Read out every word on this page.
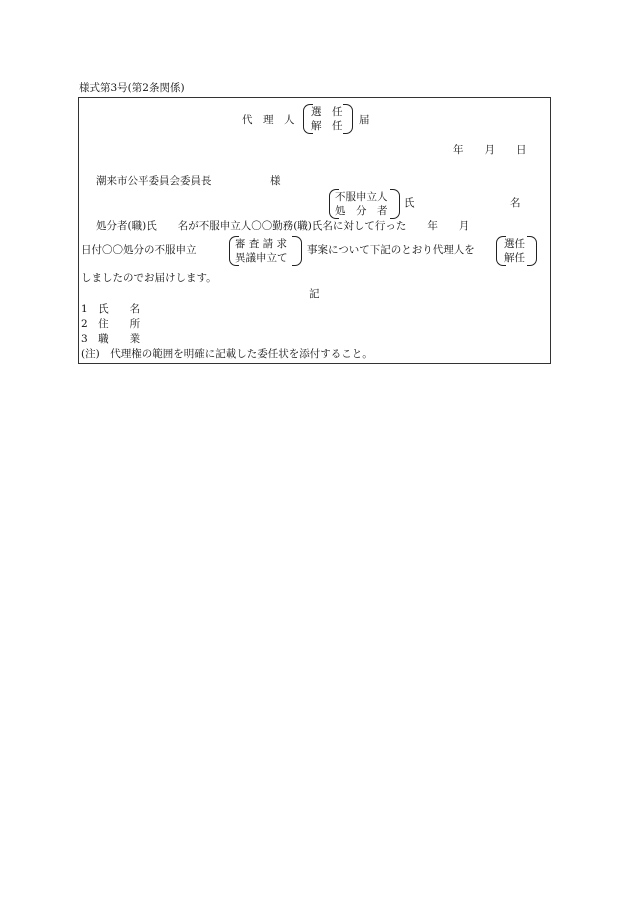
様式第3号(第2条関係)
代　理　人
選　任
解　任 届
年　　月　　日
潮来市公平委員会委員長	様
不服申立人
処　分　者
氏	名
処分者(職)氏　　名が不服申立人〇〇勤務(職)氏名に対して行った　　年　　月
日付〇〇処分の不服申立	審 査 請 求
異議申立て
事案について下記のとおり代理人を	選任
解任
しましたのでお届けします。
記
1　氏　　名
2　住　　所
3　職　　業
(注)　代理権の範囲を明確に記載した委任状を添付すること。
